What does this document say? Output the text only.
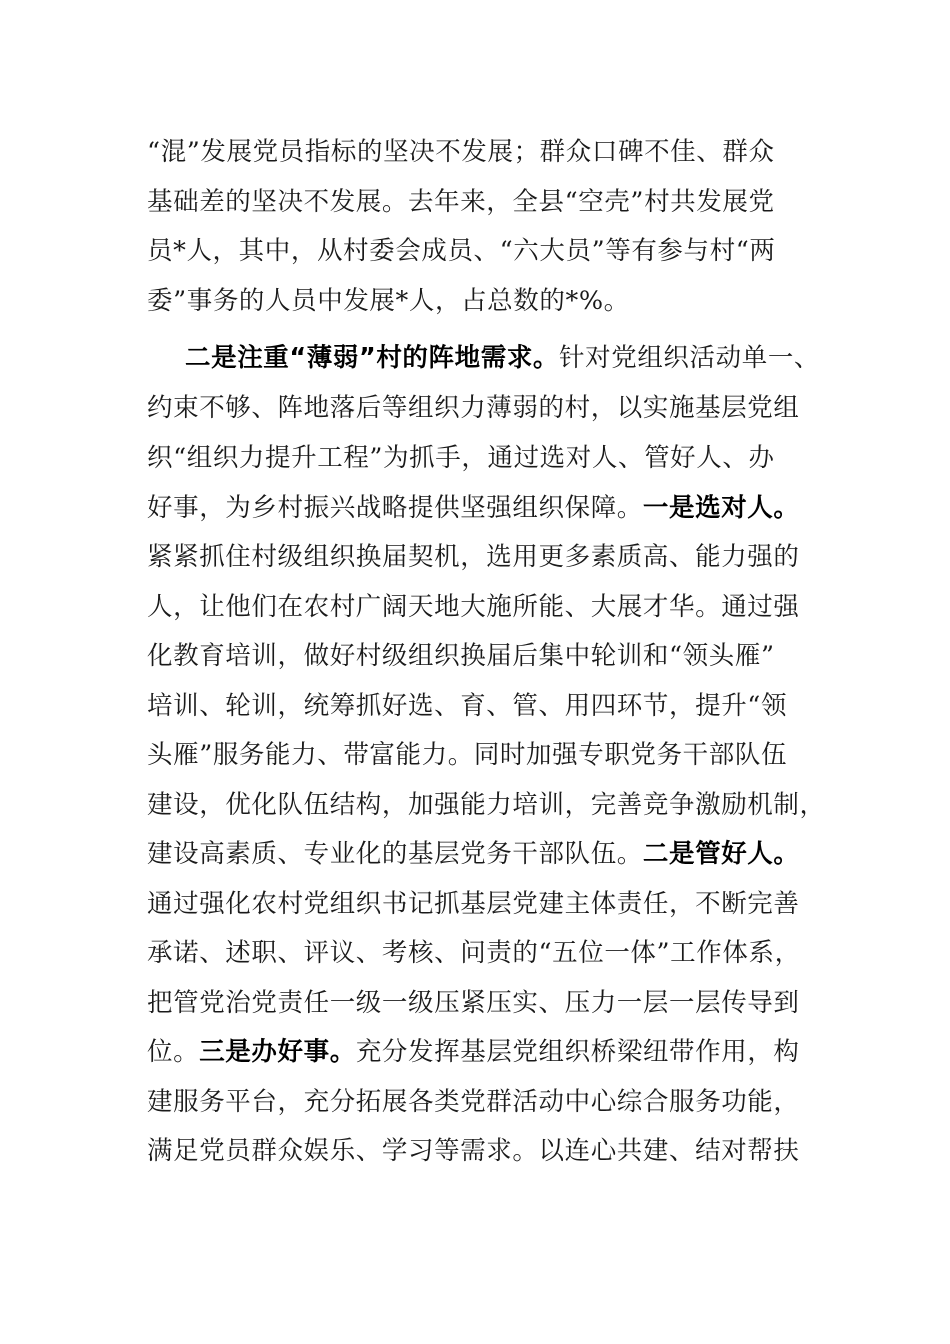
“混”发展党员指标的坚决不发展；群众口碑不佳、群众
基础差的坚决不发展。去年来，全县“空壳”村共发展党
员*人，其中，从村委会成员、“六大员”等有参与村“两
委”事务的人员中发展*人，占总数的*%。
二是注重“薄弱”村的阵地需求。针对党组织活动单一、
约束不够、阵地落后等组织力薄弱的村，以实施基层党组
织“组织力提升工程”为抓手，通过选对人、管好人、办
好事，为乡村振兴战略提供坚强组织保障。一是选对人。
紧紧抓住村级组织换届契机，选用更多素质高、能力强的
人，让他们在农村广阔天地大施所能、大展才华。通过强
化教育培训，做好村级组织换届后集中轮训和“领头雁”
培训、轮训，统筹抓好选、育、管、用四环节，提升“领
头雁”服务能力、带富能力。同时加强专职党务干部队伍
建设，优化队伍结构，加强能力培训，完善竞争激励机制，
建设高素质、专业化的基层党务干部队伍。二是管好人。
通过强化农村党组织书记抓基层党建主体责任，不断完善
承诺、述职、评议、考核、问责的“五位一体”工作体系，
把管党治党责任一级一级压紧压实、压力一层一层传导到
位。三是办好事。充分发挥基层党组织桥梁纽带作用，构
建服务平台，充分拓展各类党群活动中心综合服务功能，
满足党员群众娱乐、学习等需求。以连心共建、结对帮扶
